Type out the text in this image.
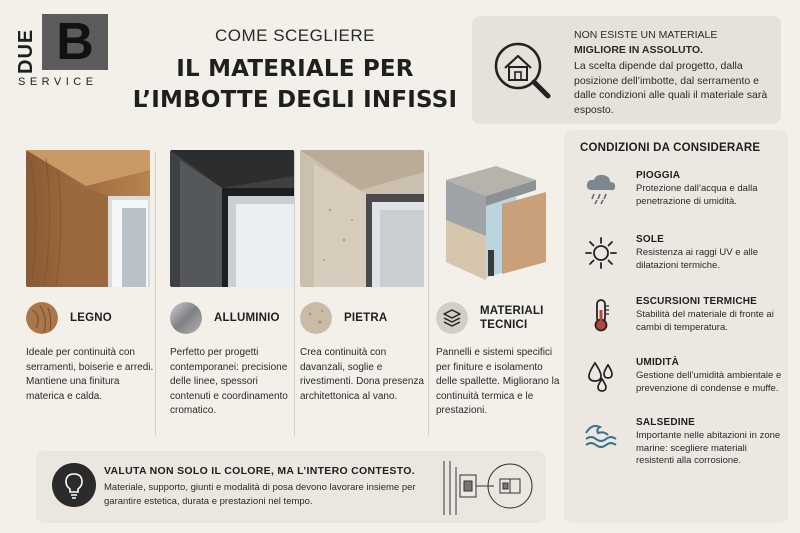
DUE B
SERVICE
COME SCEGLIERE
IL MATERIALE PER
L’IMBOTTE DEGLI INFISSI
NON ESISTE UN MATERIALE
MIGLIORE IN ASSOLUTO.
La scelta dipende dal progetto, dalla posizione dell’imbotte, dal serramento e dalle condizioni alle quali il materiale sarà esposto.
LEGNO
Ideale per continuità con serramenti, boiserie e arredi. Mantiene una finitura materica e calda.
ALLUMINIO
Perfetto per progetti contemporanei: precisione delle linee, spessori contenuti e coordinamento cromatico.
PIETRA
Crea continuità con davanzali, soglie e rivestimenti. Dona presenza architettonica al vano.
MATERIALI
TECNICI
Pannelli e sistemi specifici per finiture e isolamento delle spallette. Migliorano la continuità termica e le prestazioni.
CONDIZIONI DA CONSIDERARE
PIOGGIA
Protezione dall’acqua e dalla penetrazione di umidità.
SOLE
Resistenza ai raggi UV e alle dilatazioni termiche.
ESCURSIONI TERMICHE
Stabilità del materiale di fronte ai cambi di temperatura.
UMIDITÀ
Gestione dell’umidità ambientale e prevenzione di condense e muffe.
SALSEDINE
Importante nelle abitazioni in zone marine: scegliere materiali resistenti alla corrosione.
VALUTA NON SOLO IL COLORE, MA L’INTERO CONTESTO.
Materiale, supporto, giunti e modalità di posa devono lavorare insieme per garantire estetica, durata e prestazioni nel tempo.
